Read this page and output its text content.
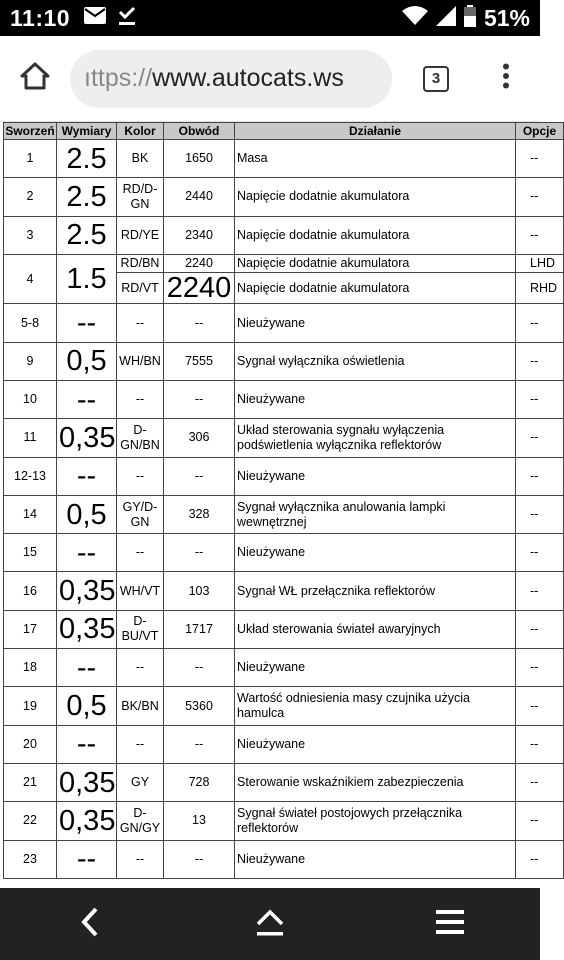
11:10	51%
ıttps:// www.autocats.ws	3
Sworzeń	Wymiary	Kolor	Obwód	Działanie	Opcje
1	2.5	BK	1650	Masa	--
2	2.5	RD/D-GN	2440	Napięcie dodatnie akumulatora	--
3	2.5	RD/YE	2340	Napięcie dodatnie akumulatora	--
4	1.5	RD/BN	2240	Napięcie dodatnie akumulatora	LHD
		RD/VT	2240	Napięcie dodatnie akumulatora	RHD
5-8	--	--	--	Nieużywane	--
9	0,5	WH/BN	7555	Sygnał wyłącznika oświetlenia	--
10	--	--	--	Nieużywane	--
11	0,35	D-GN/BN	306	Układ sterowania sygnału wyłączenia podświetlenia wyłącznika reflektorów	--
12-13	--	--	--	Nieużywane	--
14	0,5	GY/D-GN	328	Sygnał wyłącznika anulowania lampki wewnętrznej	--
15	--	--	--	Nieużywane	--
16	0,35	WH/VT	103	Sygnał WŁ przełącznika reflektorów	--
17	0,35	D-BU/VT	1717	Układ sterowania świateł awaryjnych	--
18	--	--	--	Nieużywane	--
19	0,5	BK/BN	5360	Wartość odniesienia masy czujnika użycia hamulca	--
20	--	--	--	Nieużywane	--
21	0,35	GY	728	Sterowanie wskaźnikiem zabezpieczenia	--
22	0,35	D-GN/GY	13	Sygnał świateł postojowych przełącznika reflektorów	--
23	--	--	--	Nieużywane	--
